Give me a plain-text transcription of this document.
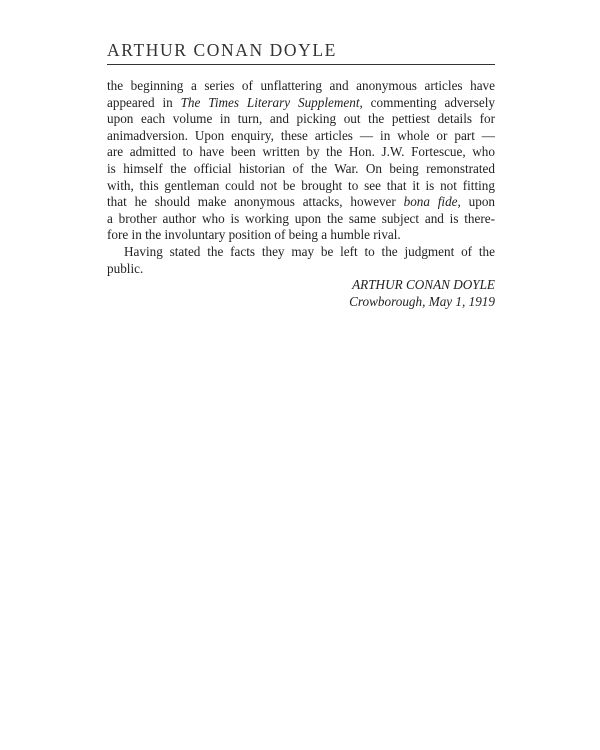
ARTHUR CONAN DOYLE
the beginning a series of unflattering and anonymous articles have
appeared in The Times Literary Supplement, commenting adversely
upon each volume in turn, and picking out the pettiest details for
animadversion. Upon enquiry, these articles — in whole or part —
are admitted to have been written by the Hon. J.W. Fortescue, who
is himself the official historian of the War. On being remonstrated
with, this gentleman could not be brought to see that it is not fitting
that he should make anonymous attacks, however bona fide, upon
a brother author who is working upon the same subject and is there-
fore in the involuntary position of being a humble rival.
Having stated the facts they may be left to the judgment of the
public.
ARTHUR CONAN DOYLE
Crowborough, May 1, 1919
